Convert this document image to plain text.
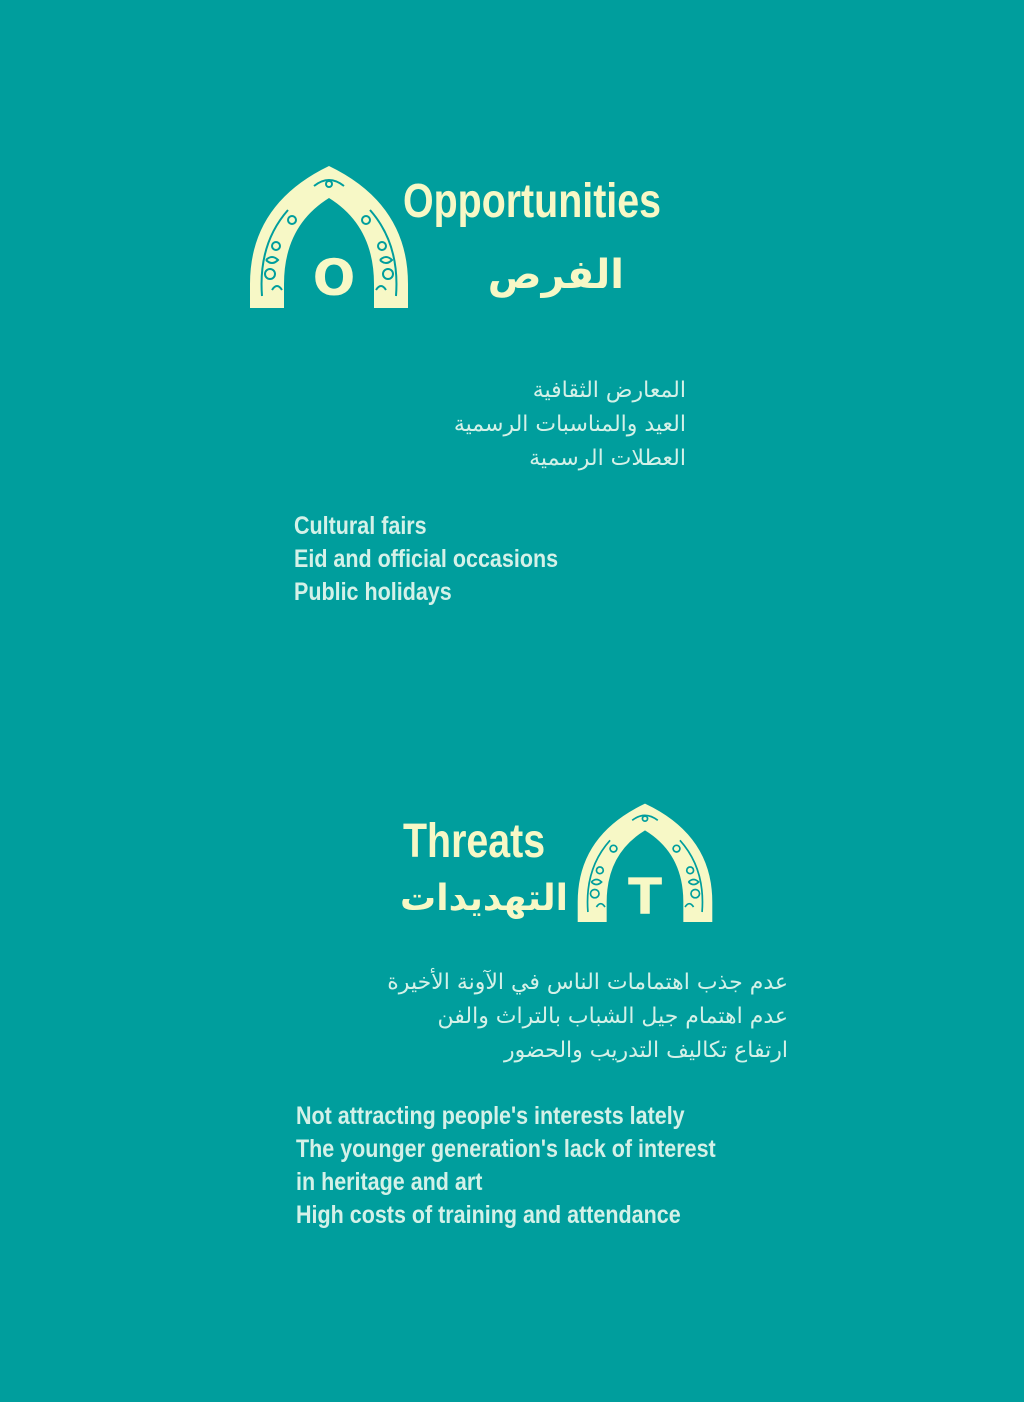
O
Opportunities
الفرص
المعارض الثقافية
العيد والمناسبات الرسمية
العطلات الرسمية
Cultural fairs
Eid and official occasions
Public holidays
T
Threats
التهديدات
عدم جذب اهتمامات الناس في الآونة الأخيرة
عدم اهتمام جيل الشباب بالتراث والفن
ارتفاع تكاليف التدريب والحضور
Not attracting people's interests lately
The younger generation's lack of interest
in heritage and art
High costs of training and attendance
